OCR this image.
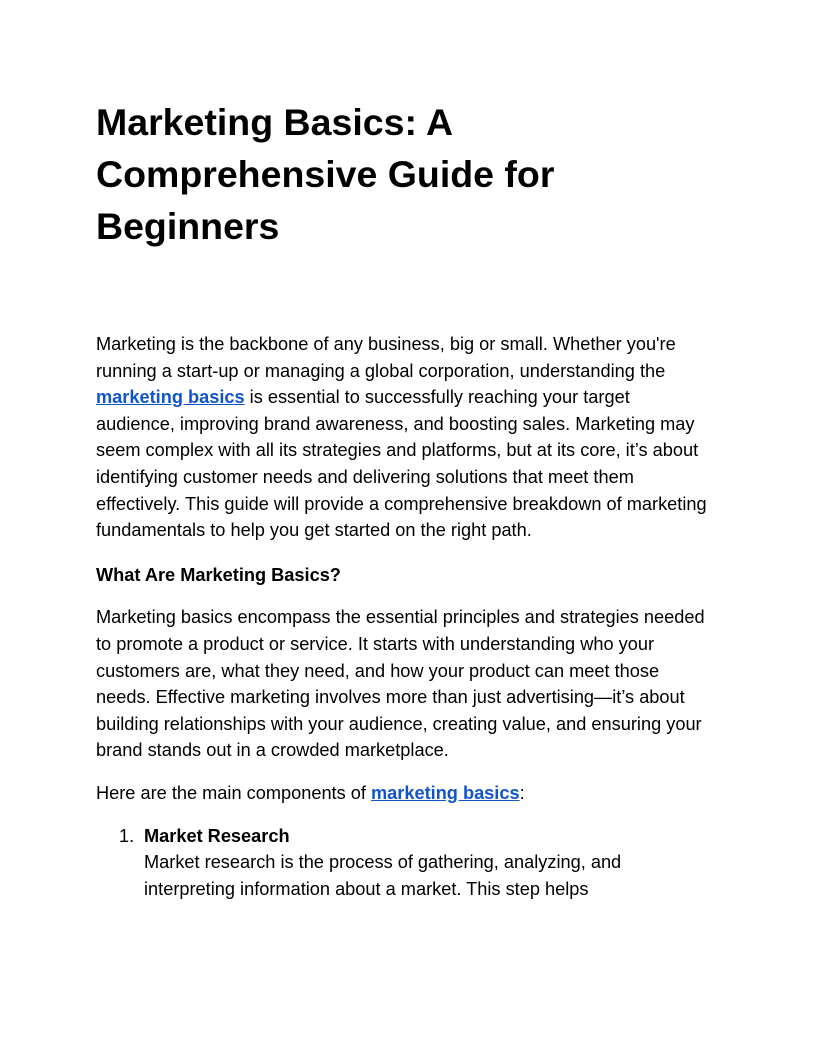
Marketing Basics: A Comprehensive Guide for Beginners
Marketing is the backbone of any business, big or small. Whether you're running a start-up or managing a global corporation, understanding the marketing basics is essential to successfully reaching your target audience, improving brand awareness, and boosting sales. Marketing may seem complex with all its strategies and platforms, but at its core, it’s about identifying customer needs and delivering solutions that meet them effectively. This guide will provide a comprehensive breakdown of marketing fundamentals to help you get started on the right path.
What Are Marketing Basics?
Marketing basics encompass the essential principles and strategies needed to promote a product or service. It starts with understanding who your customers are, what they need, and how your product can meet those needs. Effective marketing involves more than just advertising—it’s about building relationships with your audience, creating value, and ensuring your brand stands out in a crowded marketplace.
Here are the main components of marketing basics:
1. Market Research
Market research is the process of gathering, analyzing, and interpreting information about a market. This step helps
